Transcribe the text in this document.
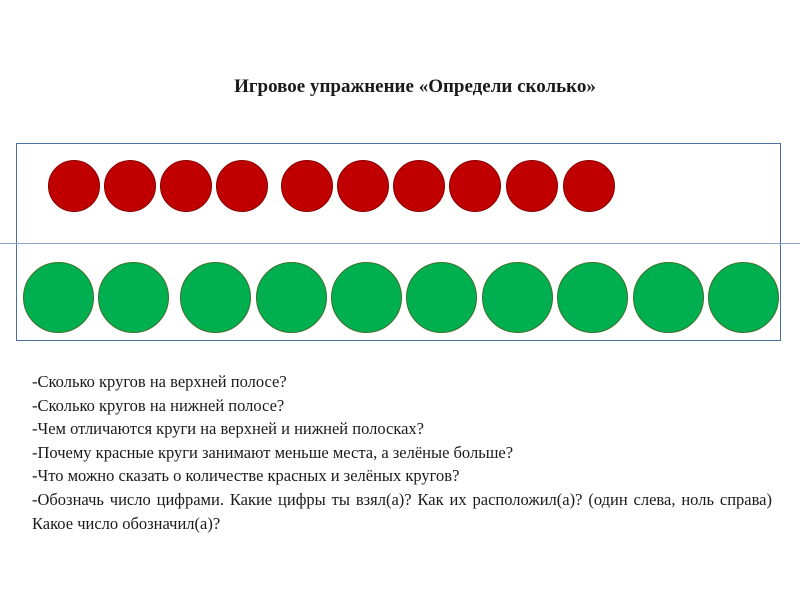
Игровое упражнение «Определи сколько»

-Сколько кругов на верхней полосе?

-Сколько кругов на нижней полосе?

-Чем отличаются круги на верхней и нижней полосках?

-Почему красные круги занимают меньше места, а зелёные больше?

-Что можно сказать о количестве красных и зелёных кругов?

-Обозначь число цифрами. Какие цифры ты взял(а)? Как их расположил(а)? (один слева, ноль справа) Какое число обозначил(а)?
